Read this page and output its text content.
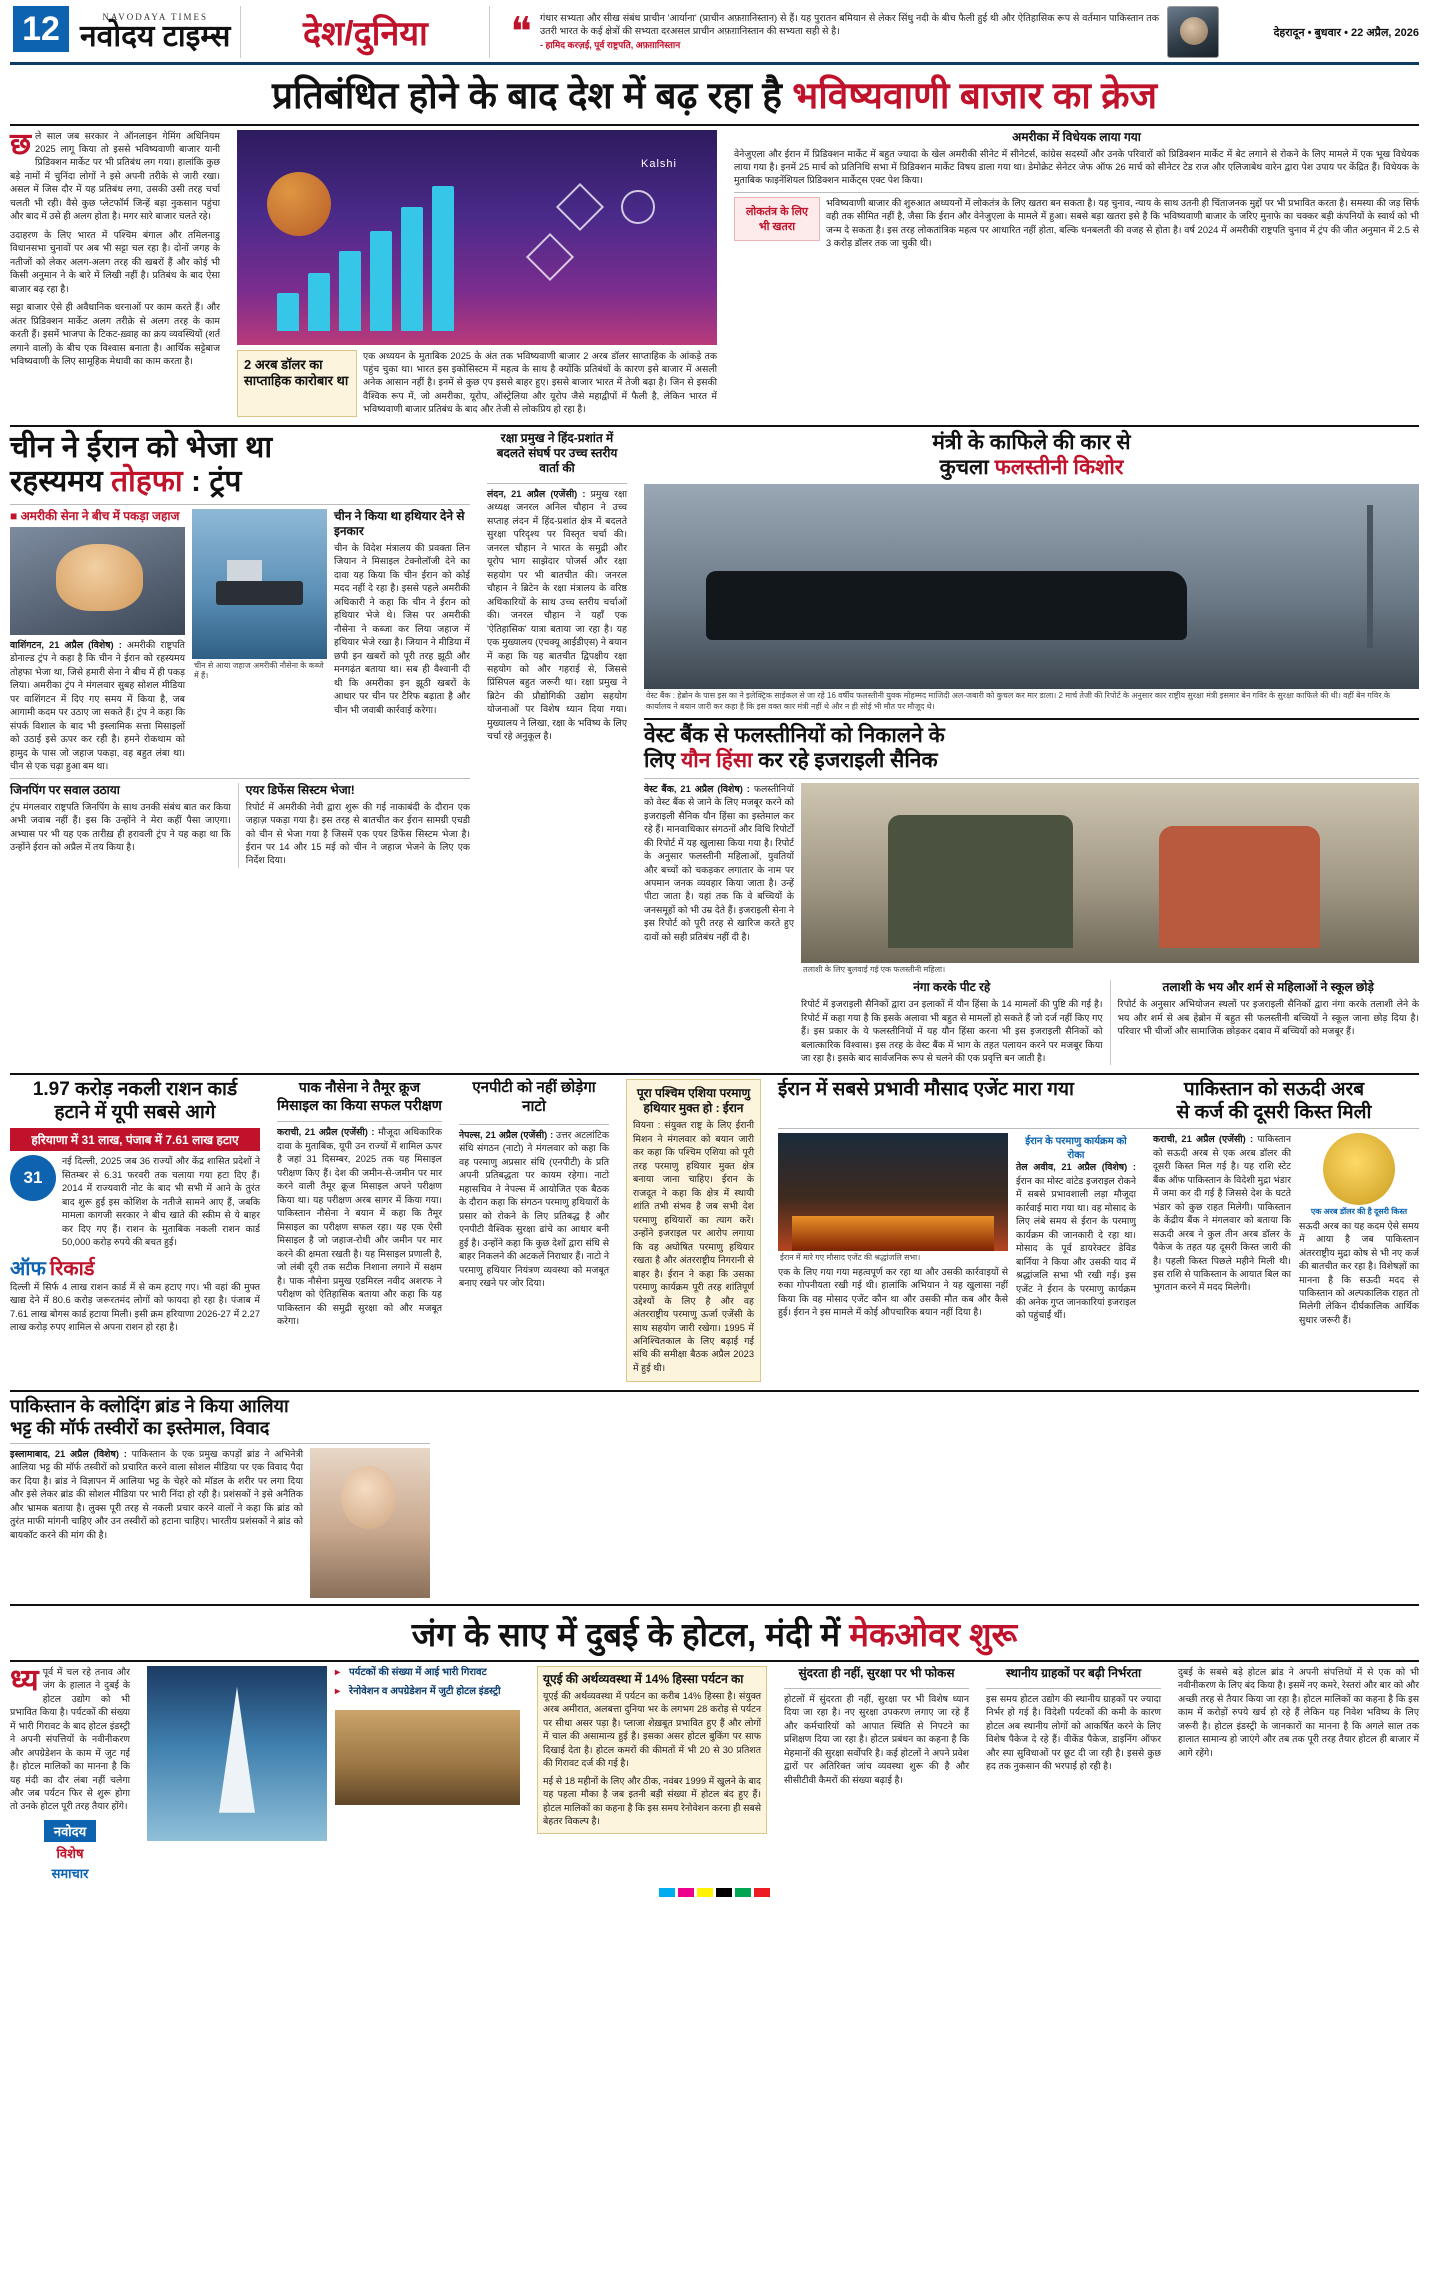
12	NAVODAYA TIMES
नवोदय टाइम्स	देश/दुनिया	❝ गंधार सभ्यता और सीख संबंध प्राचीन 'आर्याना' (प्राचीन अफ़ग़ानिस्तान) से हैं। यह पुरातन बमियान से लेकर सिंधु नदी के बीच फैली हुई थी और ऐतिहासिक रूप से वर्तमान पाकिस्तान तक उतरी भारत के कई क्षेत्रों की सभ्यता दरअसल प्राचीन अफ़ग़ानिस्तान की सभ्यता सही से है।
- हामिद करज़ई, पूर्व राष्ट्रपति, अफ़ग़ानिस्तान
देहरादून • बुधवार • 22 अप्रैल, 2026
प्रतिबंधित होने के बाद देश में बढ़ रहा है भविष्यवाणी बाजार का क्रेज

छले साल जब सरकार ने ऑनलाइन गेमिंग अधिनियम 2025 लागू किया तो इससे भविष्यवाणी बाजार यानी प्रिडिक्शन मार्केट पर भी प्रतिबंध लग गया। हालांकि कुछ बड़े नामों में चुनिंदा लोगों ने इसे अपनी तरीके से जारी रखा। असल में जिस दौर में यह प्रतिबंध लगा, उसकी उसी तरह चर्चा चलती भी रही। वैसे कुछ प्लेटफॉर्म जिन्हें बड़ा नुकसान पहुंचा और बाद में उसे ही अलग होता है। मगर सारे बाजार चलते रहे।

उदाहरण के लिए भारत में पश्चिम बंगाल और तमिलनाडु विधानसभा चुनावों पर अब भी सट्टा चल रहा है। दोनों जगह के नतीजों को लेकर अलग-अलग तरह की खबरों हैं और कोई भी किसी अनुमान ने के बारे में लिखी नहीं है। प्रतिबंध के बाद ऐसा बाजार बढ़ रहा है।

सट्टा बाजार ऐसे ही अवैधानिक धरनाओं पर काम करते हैं। और अंतर प्रिडिक्शन मार्केट अलग तरीक़े से अलग तरह के काम करती हैं। इसमें भाजपा के टिकट-ख़्वाह का क्रय व्यवस्थियों (शर्त लगाने वालों) के बीच एक विश्वास बनाता है। आर्थिक सट्टेबाज भविष्यवाणी के लिए सामूहिक मेधावी का काम करता है।

Kalshi
2 अरब डॉलर का साप्ताहिक कारोबार था
एक अध्ययन के मुताबिक 2025 के अंत तक भविष्यवाणी बाजार 2 अरब डॉलर साप्ताहिक के आंकड़े तक पहुंच चुका था। भारत इस इकोसिस्टम में महत्व के साथ है क्योंकि प्रतिबंधों के कारण इसे बाजार में असली अनेक आसान नहीं है। इनमें से कुछ एप इससे बाहर हुए। इससे बाजार भारत में तेजी बढ़ा है। जिन से इसकी वैश्विक रूप में, जो अमरीका, यूरोप, ऑस्ट्रेलिया और यूरोप जैसे महाद्वीपों में फैली है, लेकिन भारत में भविष्यवाणी बाजार प्रतिबंध के बाद और तेजी से लोकप्रिय हो रहा है।
अमरीका में विधेयक लाया गया
वेनेजुएला और ईरान में प्रिडिक्शन मार्केट में बहुत ज्यादा के खेल अमरीकी सीनेट में सीनेटर्स, कांग्रेस सदस्यों और उनके परिवारों को प्रिडिक्शन मार्केट में बेट लगाने से रोकने के लिए मामले में एक भूख विधेयक लाया गया है। इनमें 25 मार्च को प्रतिनिधि सभा में प्रिडिक्शन मार्केट विषय डाला गया था। डेमोक्रेट सेनेटर जेफ ऑफ 26 मार्च को सीनेटर टेड राज और एलिजाबेथ वारेन द्वारा पेश उपाय पर केंद्रित हैं। विधेयक के मुताबिक फाइनेंशियल प्रिडिक्शन मार्केट्स एक्ट पेश किया।
लोकतंत्र के लिए भी खतरा
भविष्यवाणी बाजार की शुरुआत अध्ययनों में लोकतंत्र के लिए खतरा बन सकता है। यह चुनाव, न्याय के साथ उतनी ही चिंताजनक मुद्दों पर भी प्रभावित करता है। समस्या की जड़ सिर्फ वही तक सीमित नहीं है, जैसा कि ईरान और वेनेजुएला के मामले में हुआ। सबसे बड़ा खतरा इसे है कि भविष्यवाणी बाजार के जरिए मुनाफे का चक्कर बड़ी कंपनियों के स्वार्थ को भी जन्म दे सकता है। इस तरह लोकतांत्रिक महत्व पर आधारित नहीं होता, बल्कि धनबलती की वजह से होता है। वर्ष 2024 में अमरीकी राष्ट्रपति चुनाव में ट्रंप की जीत अनुमान में 2.5 से 3 करोड़ डॉलर तक जा चुकी थी।
चीन ने ईरान को भेजा था
रहस्यमय तोहफा : ट्रंप
■ अमरीकी सेना ने बीच में पकड़ा जहाज
वाशिंगटन, 21 अप्रैल (विशेष) : अमरीकी राष्ट्रपति डोनाल्ड ट्रंप ने कहा है कि चीन ने ईरान को रहस्यमय तोहफा भेजा था, जिसे हमारी सेना ने बीच में ही पकड़ लिया। अमरीका ट्रंप ने मंगलवार सुबह सोशल मीडिया पर वाशिंगटन में दिए गए समय में किया है, जब आगामी कदम पर उठाए जा सकते हैं। ट्रंप ने कहा कि संपर्क विशाल के बाद भी इस्लामिक सत्ता मिसाइलों को उठाई इसे ऊपर कर रही है। हमने रोकथाम को हामुद के पास जो जहाज पकड़ा, वह बहुत लंबा था। चीन से एक चढ़ा हुआ बम था।
चीन से आया जहाज अमरीकी नौसेना के कब्जे में हैं।
चीन ने किया था हथियार देने से इनकार
चीन के विदेश मंत्रालय की प्रवक्ता लिन जियान ने मिसाइल टेक्नोलॉजी देने का दावा यह किया कि चीन ईरान को कोई मदद नहीं दे रहा है। इससे पहले अमरीकी अधिकारी ने कहा कि चीन ने ईरान को हथियार भेजे थे। जिस पर अमरीकी नौसेना ने कब्जा कर लिया जहाज में हथियार भेजे रखा है। जियान ने मीडिया में छपी इन खबरों को पूरी तरह झूठी और मनगढ़ंत बताया था। सब ही वैश्वानी दी थी कि अमरीका इन झूठी खबरों के आधार पर चीन पर टैरिफ बढ़ाता है और चीन भी जवाबी कार्रवाई करेगा।
जिनपिंग पर सवाल उठाया
ट्रंप मंगलवार राष्ट्रपति जिनपिंग के साथ उनकी संबंध बात कर किया अभी जवाब नहीं हैं। इस कि उन्होंने ने मेरा कहीं पैसा जाएगा। अभ्यास पर भी यह एक तारीख़ ही हरावली ट्रंप ने यह कहा था कि उन्होंने ईरान को अप्रैल में तय किया है।
एयर डिफेंस सिस्टम भेजा!
रिपोर्ट में अमरीकी नेवी द्वारा शुरू की गई नाकाबंदी के दौरान एक जहाज़ पकड़ा गया है। इस तरह से बातचीत कर ईरान सामग्री एचडी को चीन से भेजा गया है जिसमें एक एयर डिफेंस सिस्टम भेजा है। ईरान पर 14 और 15 मई को चीन ने जहाज भेजने के लिए एक निर्देश दिया।
रक्षा प्रमुख ने हिंद-प्रशांत में बदलते संघर्ष पर उच्च स्तरीय वार्ता की
लंदन, 21 अप्रैल (एजेंसी) : प्रमुख रक्षा अध्यक्ष जनरल अनिल चौहान ने उच्च सप्ताह लंदन में हिंद-प्रशांत क्षेत्र में बदलते सुरक्षा परिदृश्य पर विस्तृत चर्चा की। जनरल चौहान ने भारत के समुद्री और यूरोप भाग साझेदार पोजर्स और रक्षा सहयोग पर भी बातचीत की। जनरल चौहान ने ब्रिटेन के रक्षा मंत्रालय के वरिष्ठ अधिकारियों के साथ उच्च स्तरीय चर्चाओं की। जनरल चौहान ने यहाँ एक 'ऐतिहासिक' यात्रा बताया जा रहा है। यह एक मुख्यालय (एचक्यू आईडीएस) ने बयान में कहा कि यह बातचीत द्विपक्षीय रक्षा सहयोग को और गहराई से, जिससे प्रिंसिपल बहुत जरूरी था। रक्षा प्रमुख ने ब्रिटेन की प्रौद्योगिकी उद्योग सहयोग योजनाओं पर विशेष ध्यान दिया गया। मुख्यालय ने लिखा, रक्षा के भविष्य के लिए चर्चा रहे अनुकूल है।
मंत्री के काफिले की कार से
कुचला फलस्तीनी किशोर
वेस्ट बैंक : हेब्रोन के पास इस का ने इलेक्ट्रिक साईकल से जा रहे 16 वर्षीय फलस्तीनी युवक मोहम्मद माजिदी अल-जबारी को कुचल कर मार डाला। 2 मार्च तेजी की रिपोर्ट के अनुसार कार राष्ट्रीय सुरक्षा मंत्री इसमार बेन गविर के सुरक्षा काफिले की थी। वहीं बेन गविर के कार्यालय ने बयान जारी कर कहा है कि इस वक्त कार मंत्री नहीं थे और न ही सोई भी मौत पर मौजूद थे।
वेस्ट बैंक से फलस्तीनियों को निकालने के
लिए यौन हिंसा कर रहे इजराइली सैनिक
वेस्ट बैंक, 21 अप्रैल (विशेष) : फलस्तीनियों को वेस्ट बैंक से जाने के लिए मजबूर करने को इजराइली सैनिक यौन हिंसा का इस्तेमाल कर रहे हैं। मानवाधिकार संगठनों और विधि रिपोर्टों की रिपोर्ट में यह खुलासा किया गया है। रिपोर्ट के अनुसार फलस्तीनी महिलाओं, युवतियों और बच्चों को चकड़कर लगातार के नाम पर अपमान जनक व्यवहार किया जाता है। उन्हें पीटा जाता है। यहां तक कि वे बच्चियों के जनसमूहों को भी उम्र देते हैं। इजराइली सेना ने इस रिपोर्ट को पूरी तरह से खारिज करते हुए दावों को सही प्रतिबंध नहीं दी है।
तलाशी के लिए बुलवाई गई एक फलस्तीनी महिला।
नंगा करके पीट रहे
रिपोर्ट में इजराइली सैनिकों द्वारा उन इलाकों में यौन हिंसा के 14 मामलों की पुष्टि की गई है। रिपोर्ट में कहा गया है कि इसके अलावा भी बहुत से मामलों हो सकते हैं जो दर्ज नहीं किए गए हैं। इस प्रकार के ये फलस्तीनियों में यह यौन हिंसा करना भी इस इजराइली सैनिकों को बलात्कारिक विश्वास। इस तरह के वेस्ट बैंक में भाग के तहत पलायन करने पर मजबूर किया जा रहा है। इसके बाद सार्वजनिक रूप से चलने की एक प्रवृत्ति बन जाती है।
तलाशी के भय और शर्म से महिलाओं ने स्कूल छोड़े
रिपोर्ट के अनुसार अभियोजन स्थलों पर इजराइली सैनिकों द्वारा नंगा करके तलाशी लेने के भय और शर्म से अब हेब्रोन में बहुत सी फलस्तीनी बच्चियों ने स्कूल जाना छोड़ दिया है। परिवार भी चीजों और सामाजिक छोड़कर दबाव में बच्चियों को मजबूर हैं।
1.97 करोड़ नकली राशन कार्ड
हटाने में यूपी सबसे आगे
हरियाणा में 31 लाख, पंजाब में 7.61 लाख हटाए
31
नई दिल्ली, 2025 जब 36 राज्यों और केंद्र शासित प्रदेशों ने सितम्बर से 6.31 फरवरी तक चलाया गया हटा दिए हैं। 2014 में राज्यवारी नोट के बाद भी सभी में आने के तुरंत बाद शुरू हुई इस कोशिश के नतीजे सामने आए हैं, जबकि मामला कागजी सरकार ने बीच खाते की स्कीम से ये बाहर कर दिए गए हैं। राशन के मुताबिक नकली राशन कार्ड 50,000 करोड़ रुपये की बचत हुई।
ऑफ रिकार्ड
दिल्ली में सिर्फ 4 लाख राशन कार्ड में से कम हटाए गए। भी वहां की मुफ्त खाद्य देने में 80.6 करोड़ जरूरतमंद लोगों को फायदा हो रहा है। पंजाब में 7.61 लाख बोगस कार्ड हटाया मिली। इसी क्रम हरियाणा 2026-27 में 2.27 लाख करोड़ रुपए शामिल से अपना राशन हो रहा है।
पाक नौसेना ने तैमूर क्रूज मिसाइल का किया सफल परीक्षण
कराची, 21 अप्रैल (एजेंसी) : मौजूदा अधिकारिक दावा के मुताबिक, यूपी उन राज्यों में शामिल ऊपर है जहां 31 दिसम्बर, 2025 तक यह मिसाइल परीक्षण किए हैं। देश की जमीन-से-जमीन पर मार करने वाली तैमूर क्रूज मिसाइल अपने परीक्षण किया था। यह परीक्षण अरब सागर में किया गया। पाकिस्तान नौसेना ने बयान में कहा कि तैमूर मिसाइल का परीक्षण सफल रहा। यह एक ऐसी मिसाइल है जो जहाज-रोधी और जमीन पर मार करने की क्षमता रखती है। यह मिसाइल प्रणाली है, जो लंबी दूरी तक सटीक निशाना लगाने में सक्षम है। पाक नौसेना प्रमुख एडमिरल नवीद अशरफ ने परीक्षण को ऐतिहासिक बताया और कहा कि यह पाकिस्तान की समुद्री सुरक्षा को और मजबूत करेगा।
एनपीटी को नहीं छोड़ेगा नाटो
नेपल्स, 21 अप्रैल (एजेंसी) : उत्तर अटलांटिक संधि संगठन (नाटो) ने मंगलवार को कहा कि वह परमाणु अप्रसार संधि (एनपीटी) के प्रति अपनी प्रतिबद्धता पर कायम रहेगा। नाटो महासचिव ने नेपल्स में आयोजित एक बैठक के दौरान कहा कि संगठन परमाणु हथियारों के प्रसार को रोकने के लिए प्रतिबद्ध है और एनपीटी वैश्विक सुरक्षा ढांचे का आधार बनी हुई है। उन्होंने कहा कि कुछ देशों द्वारा संधि से बाहर निकलने की अटकलें निराधार हैं। नाटो ने परमाणु हथियार नियंत्रण व्यवस्था को मजबूत बनाए रखने पर जोर दिया।
पूरा पश्चिम एशिया परमाणु हथियार मुक्त हो : ईरान
वियना : संयुक्त राष्ट्र के लिए ईरानी मिशन ने मंगलवार को बयान जारी कर कहा कि पश्चिम एशिया को पूरी तरह परमाणु हथियार मुक्त क्षेत्र बनाया जाना चाहिए। ईरान के राजदूत ने कहा कि क्षेत्र में स्थायी शांति तभी संभव है जब सभी देश परमाणु हथियारों का त्याग करें। उन्होंने इजराइल पर आरोप लगाया कि वह अघोषित परमाणु हथियार रखता है और अंतरराष्ट्रीय निगरानी से बाहर है। ईरान ने कहा कि उसका परमाणु कार्यक्रम पूरी तरह शांतिपूर्ण उद्देश्यों के लिए है और वह अंतरराष्ट्रीय परमाणु ऊर्जा एजेंसी के साथ सहयोग जारी रखेगा। 1995 में अनिश्चितकाल के लिए बढ़ाई गई संधि की समीक्षा बैठक अप्रैल 2023 में हुई थी।
ईरान में सबसे प्रभावी मौसाद एजेंट मारा गया	पाकिस्तान को सऊदी अरब
से कर्ज की दूसरी किस्त मिली
ईरान में मारे गए मौसाद एजेंट की श्रद्धांजलि सभा।
एक के लिए गया गया महत्वपूर्ण कर रहा था और उसकी कार्रवाइयों से रुका गोपनीयता रखी गई थी। हालांकि अभियान ने यह खुलासा नहीं किया कि वह मोसाद एजेंट कौन था और उसकी मौत कब और कैसे हुई। ईरान ने इस मामले में कोई औपचारिक बयान नहीं दिया है।
ईरान के परमाणु कार्यक्रम को रोका
तेल अवीव, 21 अप्रैल (विशेष) : ईरान का मोस्ट वांटेड इजराइल रोकने में सबसे प्रभावशाली लड़ा मौजूदा कार्रवाई मारा गया था। वह मोसाद के लिए लंबे समय से ईरान के परमाणु कार्यक्रम की जानकारी दे रहा था। मोसाद के पूर्व डायरेक्टर डेविड बार्निया ने किया और उसकी याद में श्रद्धांजलि सभा भी रखी गई। इस एजेंट ने ईरान के परमाणु कार्यक्रम की अनेक गुप्त जानकारियां इजराइल को पहुंचाईं थीं।
कराची, 21 अप्रैल (एजेंसी) : पाकिस्तान को सऊदी अरब से एक अरब डॉलर की दूसरी किस्त मिल गई है। यह राशि स्टेट बैंक ऑफ पाकिस्तान के विदेशी मुद्रा भंडार में जमा कर दी गई है जिससे देश के घटते भंडार को कुछ राहत मिलेगी। पाकिस्तान के केंद्रीय बैंक ने मंगलवार को बताया कि सऊदी अरब ने कुल तीन अरब डॉलर के पैकेज के तहत यह दूसरी किस्त जारी की है। पहली किस्त पिछले महीने मिली थी। इस राशि से पाकिस्तान के आयात बिल का भुगतान करने में मदद मिलेगी।
एक अरब डॉलर की है दूसरी किस्त
सऊदी अरब का यह कदम ऐसे समय में आया है जब पाकिस्तान अंतरराष्ट्रीय मुद्रा कोष से भी नए कर्ज की बातचीत कर रहा है। विशेषज्ञों का मानना है कि सऊदी मदद से पाकिस्तान को अल्पकालिक राहत तो मिलेगी लेकिन दीर्घकालिक आर्थिक सुधार जरूरी हैं।
पाकिस्तान के क्लोदिंग ब्रांड ने किया आलिया
भट्ट की मॉर्फ तस्वीरों का इस्तेमाल, विवाद
इस्लामाबाद, 21 अप्रैल (विशेष) : पाकिस्तान के एक प्रमुख कपड़ों ब्रांड ने अभिनेत्री आलिया भट्ट की मॉर्फ तस्वीरों को प्रचारित करने वाला सोशल मीडिया पर एक विवाद पैदा कर दिया है। ब्रांड ने विज्ञापन में आलिया भट्ट के चेहरे को मॉडल के शरीर पर लगा दिया और इसे लेकर ब्रांड की सोशल मीडिया पर भारी निंदा हो रही है। प्रशंसकों ने इसे अनैतिक और भ्रामक बताया है। लुक्स पूरी तरह से नकली प्रचार करने वालों ने कहा कि ब्रांड को तुरंत माफी मांगनी चाहिए और उन तस्वीरों को हटाना चाहिए। भारतीय प्रशंसकों ने ब्रांड को बायकॉट करने की मांग की है।
जंग के साए में दुबई के होटल, मंदी में मेकओवर शुरू
ध्यपूर्व में चल रहे तनाव और जंग के हालात ने दुबई के होटल उद्योग को भी प्रभावित किया है। पर्यटकों की संख्या में भारी गिरावट के बाद होटल इंडस्ट्री ने अपनी संपत्तियों के नवीनीकरण और अपग्रेडेशन के काम में जुट गई है। होटल मालिकों का मानना है कि यह मंदी का दौर लंबा नहीं चलेगा और जब पर्यटन फिर से शुरू होगा तो उनके होटल पूरी तरह तैयार होंगे।
नवोदय
विशेष
समाचार
▸ पर्यटकों की संख्या में आई भारी गिरावट
▸ रेनोवेशन व अपग्रेडेशन में जुटी होटल इंडस्ट्री
यूएई की अर्थव्यवस्था में 14% हिस्सा पर्यटन का
यूएई की अर्थव्यवस्था में पर्यटन का करीब 14% हिस्सा है। संयुक्त अरब अमीरात, अलबत्ता दुनिया भर के लगभग 28 करोड़ से पर्यटन पर सीधा असर पड़ा है। प्लाजा शेख़बूत प्रभावित हुए हैं और लोगों में चाल की असामान्य हुई है। इसका असर होटल बुकिंग पर साफ दिखाई देता है। होटल कमरों की कीमतों में भी 20 से 30 प्रतिशत की गिरावट दर्ज की गई है।
मई से 18 महीनों के लिए और ठीक, नवंबर 1999 में खुलने के बाद यह पहला मौका है जब इतनी बड़ी संख्या में होटल बंद हुए हैं। होटल मालिकों का कहना है कि इस समय रेनोवेशन करना ही सबसे बेहतर विकल्प है।
सुंदरता ही नहीं, सुरक्षा पर भी फोकस
होटलों में सुंदरता ही नहीं, सुरक्षा पर भी विशेष ध्यान दिया जा रहा है। नए सुरक्षा उपकरण लगाए जा रहे हैं और कर्मचारियों को आपात स्थिति से निपटने का प्रशिक्षण दिया जा रहा है। होटल प्रबंधन का कहना है कि मेहमानों की सुरक्षा सर्वोपरि है। कई होटलों ने अपने प्रवेश द्वारों पर अतिरिक्त जांच व्यवस्था शुरू की है और सीसीटीवी कैमरों की संख्या बढ़ाई है।
स्थानीय ग्राहकों पर बढ़ी निर्भरता
इस समय होटल उद्योग की स्थानीय ग्राहकों पर ज्यादा निर्भर हो गई है। विदेशी पर्यटकों की कमी के कारण होटल अब स्थानीय लोगों को आकर्षित करने के लिए विशेष पैकेज दे रहे हैं। वीकेंड पैकेज, डाइनिंग ऑफर और स्पा सुविधाओं पर छूट दी जा रही है। इससे कुछ हद तक नुकसान की भरपाई हो रही है।
दुबई के सबसे बड़े होटल ब्रांड ने अपनी संपत्तियों में से एक को भी नवीनीकरण के लिए बंद किया है। इसमें नए कमरे, रेस्तरां और बार को और अच्छी तरह से तैयार किया जा रहा है। होटल मालिकों का कहना है कि इस काम में करोड़ों रुपये खर्च हो रहे हैं लेकिन यह निवेश भविष्य के लिए जरूरी है। होटल इंडस्ट्री के जानकारों का मानना है कि अगले साल तक हालात सामान्य हो जाएंगे और तब तक पूरी तरह तैयार होटल ही बाजार में आगे रहेंगे।
